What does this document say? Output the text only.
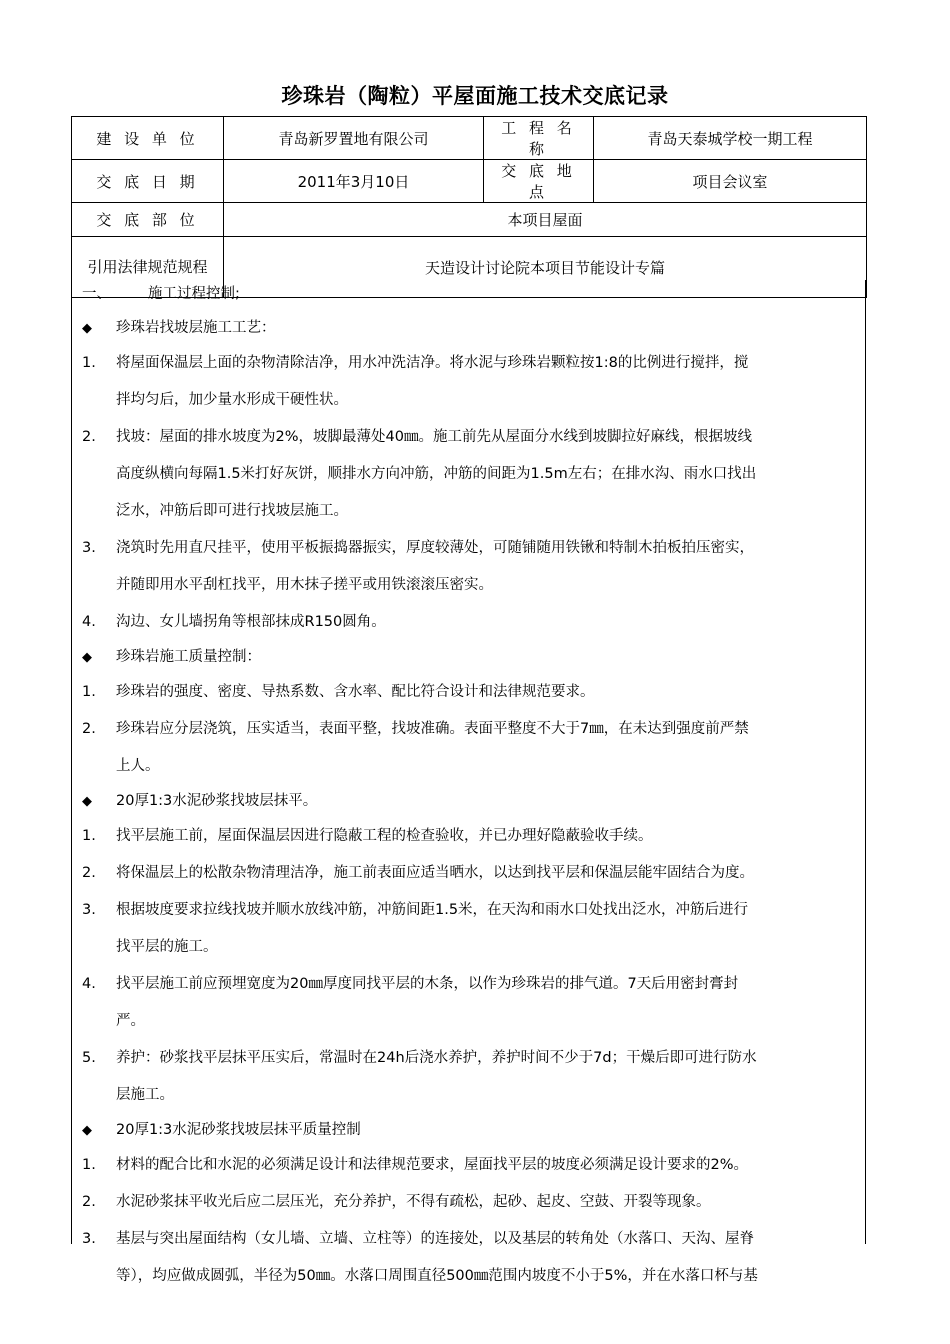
珍珠岩（陶粒）平屋面施工技术交底记录
建 设 单 位	青岛新罗置地有限公司	工 程 名 称	青岛天泰城学校一期工程
交 底 日 期	2011年3月10日	交 底 地 点	项目会议室
交 底 部 位	本项目屋面		
引用法律规范规程	天造设计讨论院本项目节能设计专篇		
一、	施工过程控制;
◆	珍珠岩找坡层施工工艺：
1.	将屋面保温层上面的杂物清除洁净，用水冲洗洁净。将水泥与珍珠岩颗粒按1:8的比例进行搅拌，搅
拌均匀后，加少量水形成干硬性状。
2.	找坡：屋面的排水坡度为2%，坡脚最薄处40㎜。施工前先从屋面分水线到坡脚拉好麻线，根据坡线
高度纵横向每隔1.5米打好灰饼，顺排水方向冲筋，冲筋的间距为1.5m左右；在排水沟、雨水口找出
泛水，冲筋后即可进行找坡层施工。
3.	浇筑时先用直尺挂平，使用平板振捣器振实，厚度较薄处，可随铺随用铁锹和特制木拍板拍压密实，
并随即用水平刮杠找平，用木抹子搓平或用铁滚滚压密实。
4.	沟边、女儿墙拐角等根部抹成R150圆角。
◆	珍珠岩施工质量控制：
1.	珍珠岩的强度、密度、导热系数、含水率、配比符合设计和法律规范要求。
2.	珍珠岩应分层浇筑，压实适当，表面平整，找坡准确。表面平整度不大于7㎜，在未达到强度前严禁
上人。
◆	20厚1:3水泥砂浆找坡层抹平。
1.	找平层施工前，屋面保温层因进行隐蔽工程的检查验收，并已办理好隐蔽验收手续。
2.	将保温层上的松散杂物清理洁净，施工前表面应适当晒水，以达到找平层和保温层能牢固结合为度。
3.	根据坡度要求拉线找坡并顺水放线冲筋，冲筋间距1.5米，在天沟和雨水口处找出泛水，冲筋后进行
找平层的施工。
4.	找平层施工前应预埋宽度为20㎜厚度同找平层的木条，以作为珍珠岩的排气道。7天后用密封膏封
严。
5.	养护：砂浆找平层抹平压实后，常温时在24h后浇水养护，养护时间不少于7d；干燥后即可进行防水
层施工。
◆	20厚1:3水泥砂浆找坡层抹平质量控制
1.	材料的配合比和水泥的必须满足设计和法律规范要求，屋面找平层的坡度必须满足设计要求的2%。
2.	水泥砂浆抹平收光后应二层压光，充分养护，不得有疏松，起砂、起皮、空鼓、开裂等现象。
3.	基层与突出屋面结构（女儿墙、立墙、立柱等）的连接处，以及基层的转角处（水落口、天沟、屋脊
等），均应做成圆弧，半径为50㎜。水落口周围直径500㎜范围内坡度不小于5%，并在水落口杯与基
